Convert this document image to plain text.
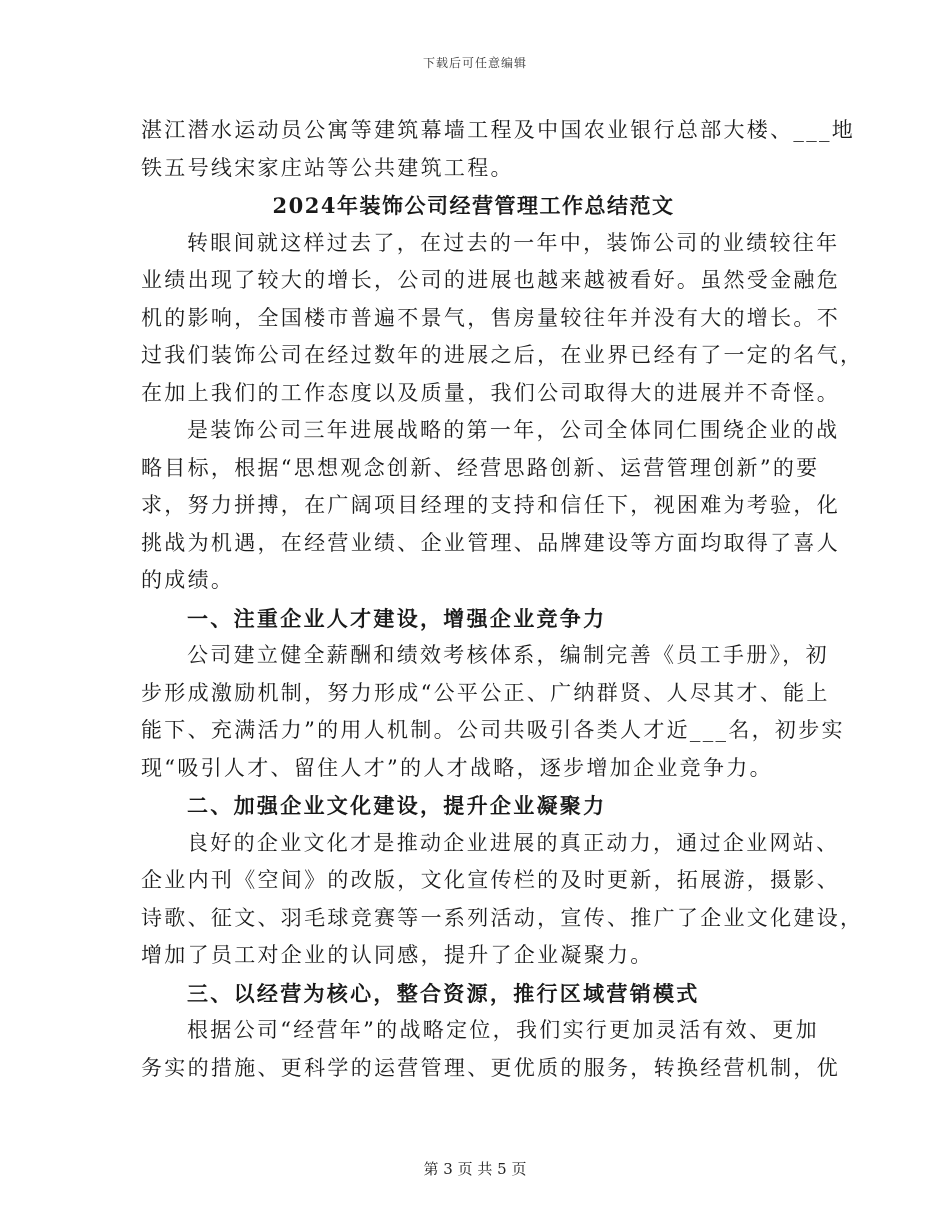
下载后可任意编辑
湛江潜水运动员公寓等建筑幕墙工程及中国农业银行总部大楼、___地
铁五号线宋家庄站等公共建筑工程。
2024年装饰公司经营管理工作总结范文
转眼间就这样过去了，在过去的一年中，装饰公司的业绩较往年
业绩出现了较大的增长，公司的进展也越来越被看好。虽然受金融危
机的影响，全国楼市普遍不景气，售房量较往年并没有大的增长。不
过我们装饰公司在经过数年的进展之后，在业界已经有了一定的名气，
在加上我们的工作态度以及质量，我们公司取得大的进展并不奇怪。
是装饰公司三年进展战略的第一年，公司全体同仁围绕企业的战
略目标，根据“思想观念创新、经营思路创新、运营管理创新”的要
求，努力拼搏，在广阔项目经理的支持和信任下，视困难为考验，化
挑战为机遇，在经营业绩、企业管理、品牌建设等方面均取得了喜人
的成绩。
一、注重企业人才建设，增强企业竞争力
公司建立健全薪酬和绩效考核体系，编制完善《员工手册》，初
步形成激励机制，努力形成“公平公正、广纳群贤、人尽其才、能上
能下、充满活力”的用人机制。公司共吸引各类人才近___名，初步实
现“吸引人才、留住人才”的人才战略，逐步增加企业竞争力。
二、加强企业文化建设，提升企业凝聚力
良好的企业文化才是推动企业进展的真正动力，通过企业网站、
企业内刊《空间》的改版，文化宣传栏的及时更新，拓展游，摄影、
诗歌、征文、羽毛球竞赛等一系列活动，宣传、推广了企业文化建设，
增加了员工对企业的认同感，提升了企业凝聚力。
三、以经营为核心，整合资源，推行区域营销模式
根据公司“经营年”的战略定位，我们实行更加灵活有效、更加
务实的措施、更科学的运营管理、更优质的服务，转换经营机制，优
第 3 页 共 5 页
